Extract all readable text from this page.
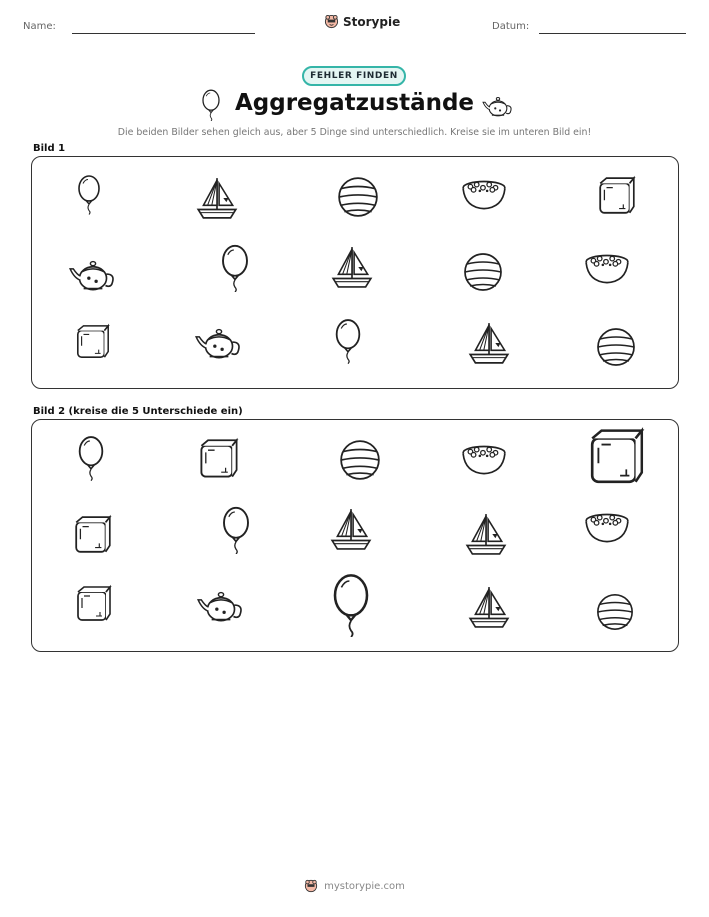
Name:	Storypie	Datum:
FEHLER FINDEN
Aggregatzustände
Die beiden Bilder sehen gleich aus, aber 5 Dinge sind unterschiedlich. Kreise sie im unteren Bild ein!
Bild 1
Bild 2 (kreise die 5 Unterschiede ein)
mystorypie.com
